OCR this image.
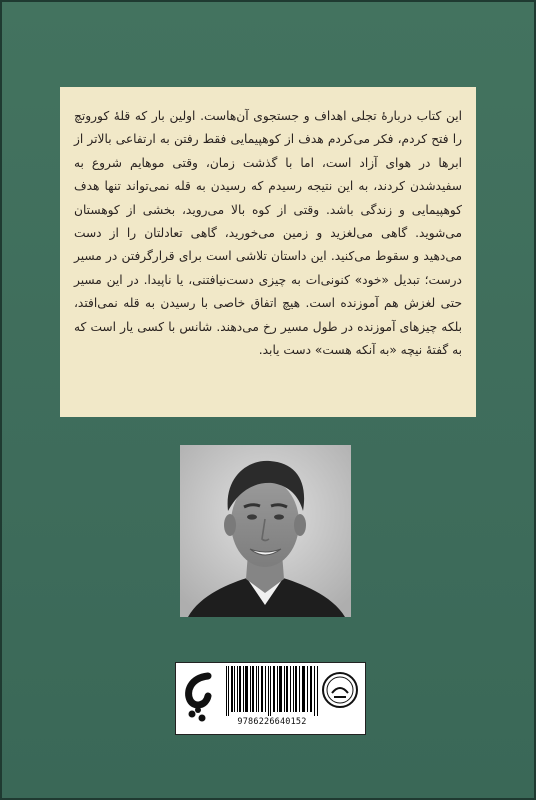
این کتاب دربارۀ تجلی اهداف و جستجوی آن‌هاست. اولین بار که قلۀ کوروتچ را فتح کردم، فکر می‌کردم هدف از کوهپیمایی فقط رفتن به ارتفاعی بالاتر از ابرها در هوای آزاد است، اما با گذشت زمان، وقتی موهایم شروع به سفیدشدن کردند، به این نتیجه رسیدم که رسیدن به قله نمی‌تواند تنها هدف کوهپیمایی و زندگی باشد. وقتی از کوه بالا می‌روید، بخشی از کوهستان می‌شوید. گاهی می‌لغزید و زمین می‌خورید، گاهی تعادلتان را از دست می‌دهید و سقوط می‌کنید. این داستان تلاشی است برای قرارگرفتن در مسیر درست؛ تبدیل «خود» کنونی‌ات به چیزی دست‌نیافتنی، یا ناپیدا. در این مسیر حتی لغزش هم آموزنده است. هیچ اتفاق خاصی با رسیدن به قله نمی‌افتد، بلکه چیزهای آموزنده در طول مسیر رخ می‌دهند. شانس با کسی یار است که به گفتۀ نیچه «به آنکه هست» دست یابد.

9786226640152
